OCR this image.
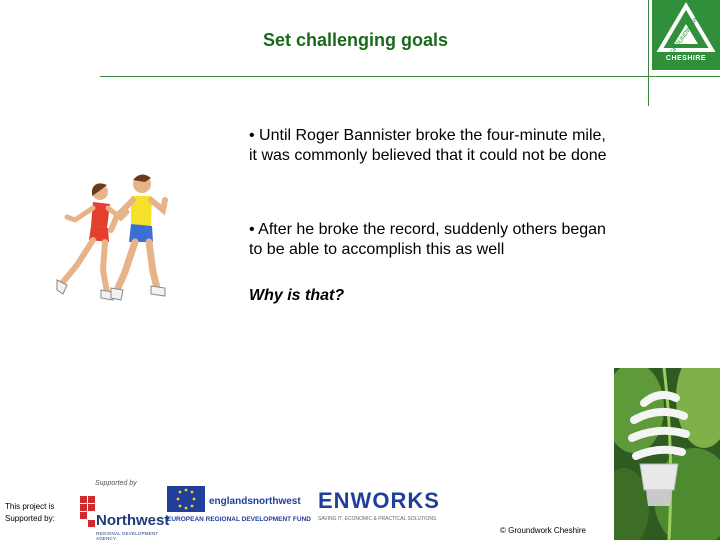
Set challenging goals	GROUNDWORK
CHESHIRE

• Until Roger Bannister broke the four-minute mile, it was commonly believed that it could not be done

• After he broke the record, suddenly others began to be able to accomplish this as well

Why is that?

This project is
Supported by:
Supported by
Northwest
REGIONAL DEVELOPMENT AGENCY
englandsnorthwest
EUROPEAN REGIONAL DEVELOPMENT FUND
ENWORKS
SAVING IT, ECONOMIC & PRACTICAL SOLUTIONS
© Groundwork Cheshire
